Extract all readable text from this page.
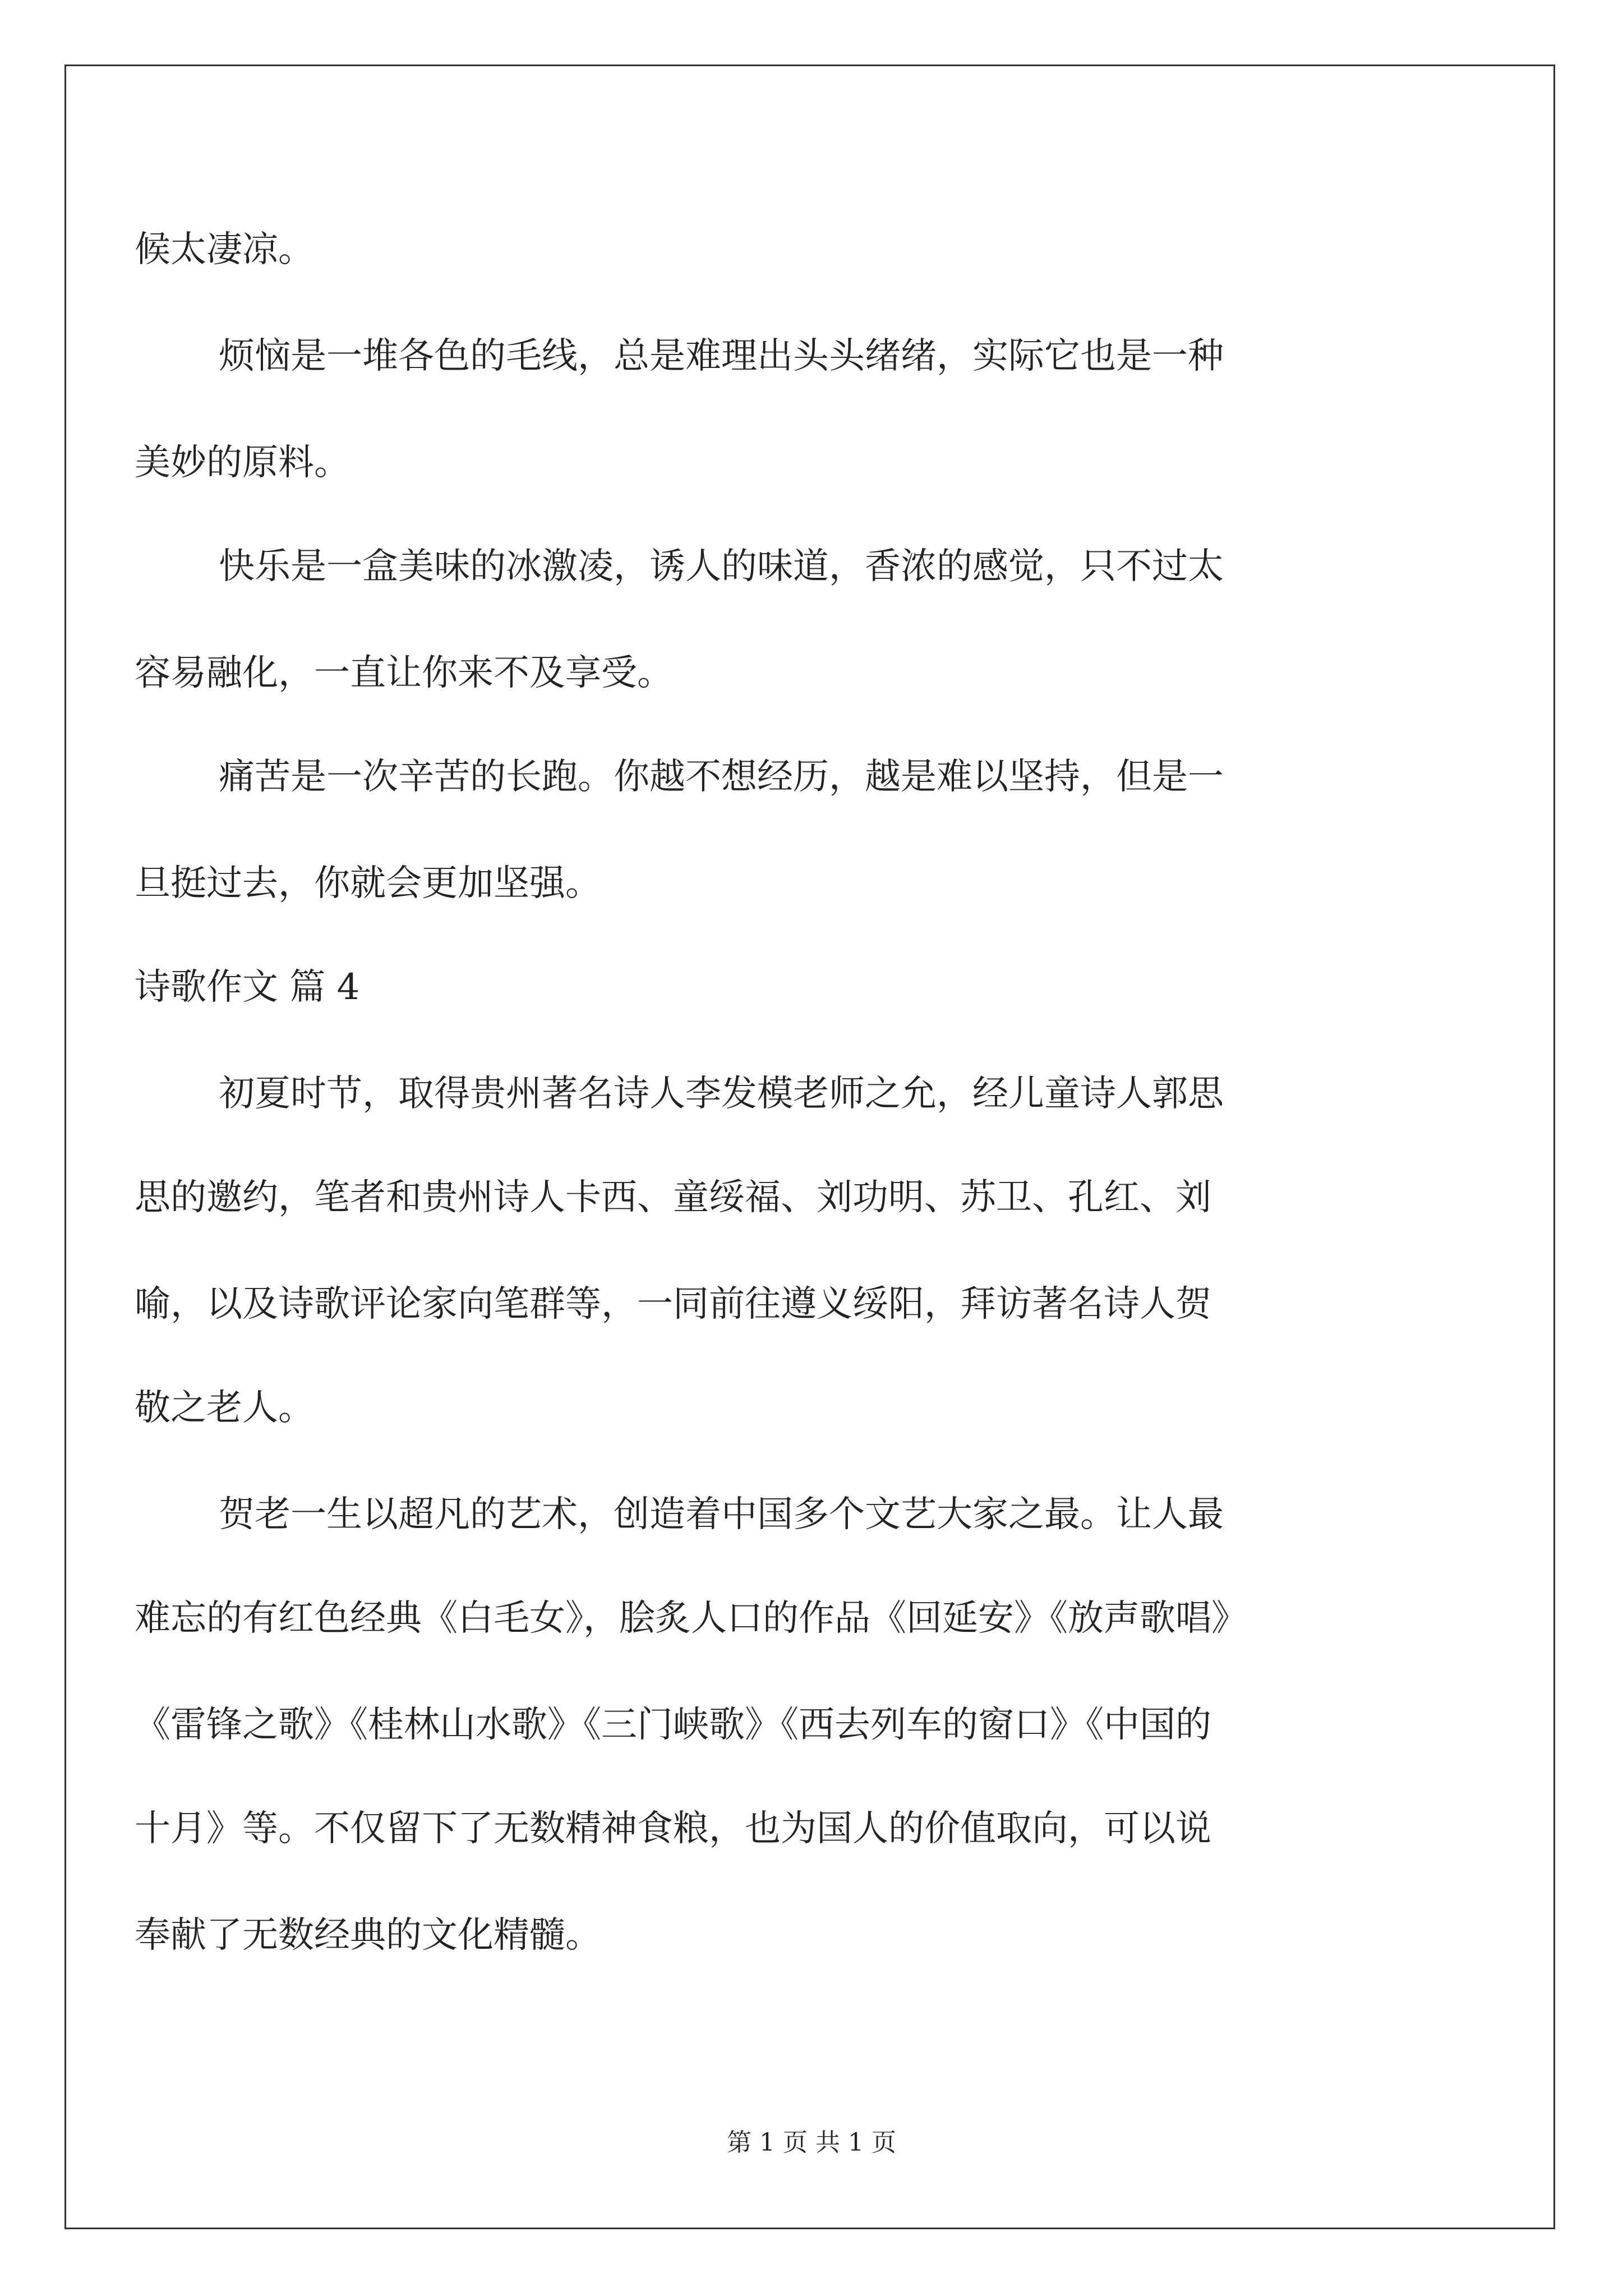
候太凄凉。
烦恼是一堆各色的毛线，总是难理出头头绪绪，实际它也是一种
美妙的原料。
快乐是一盒美味的冰激凌，诱人的味道，香浓的感觉，只不过太
容易融化，一直让你来不及享受。
痛苦是一次辛苦的长跑。你越不想经历，越是难以坚持，但是一
旦挺过去，你就会更加坚强。
诗歌作文 篇 4
初夏时节，取得贵州著名诗人李发模老师之允，经儿童诗人郭思
思的邀约，笔者和贵州诗人卡西、童绥福、刘功明、苏卫、孔红、刘
喻，以及诗歌评论家向笔群等，一同前往遵义绥阳，拜访著名诗人贺
敬之老人。
贺老一生以超凡的艺术，创造着中国多个文艺大家之最。让人最
难忘的有红色经典《白毛女》，脍炙人口的作品《回延安》《放声歌唱》
《雷锋之歌》《桂林山水歌》《三门峡歌》《西去列车的窗口》《中国的
十月》等。不仅留下了无数精神食粮，也为国人的价值取向，可以说
奉献了无数经典的文化精髓。
第 1 页 共 1 页
